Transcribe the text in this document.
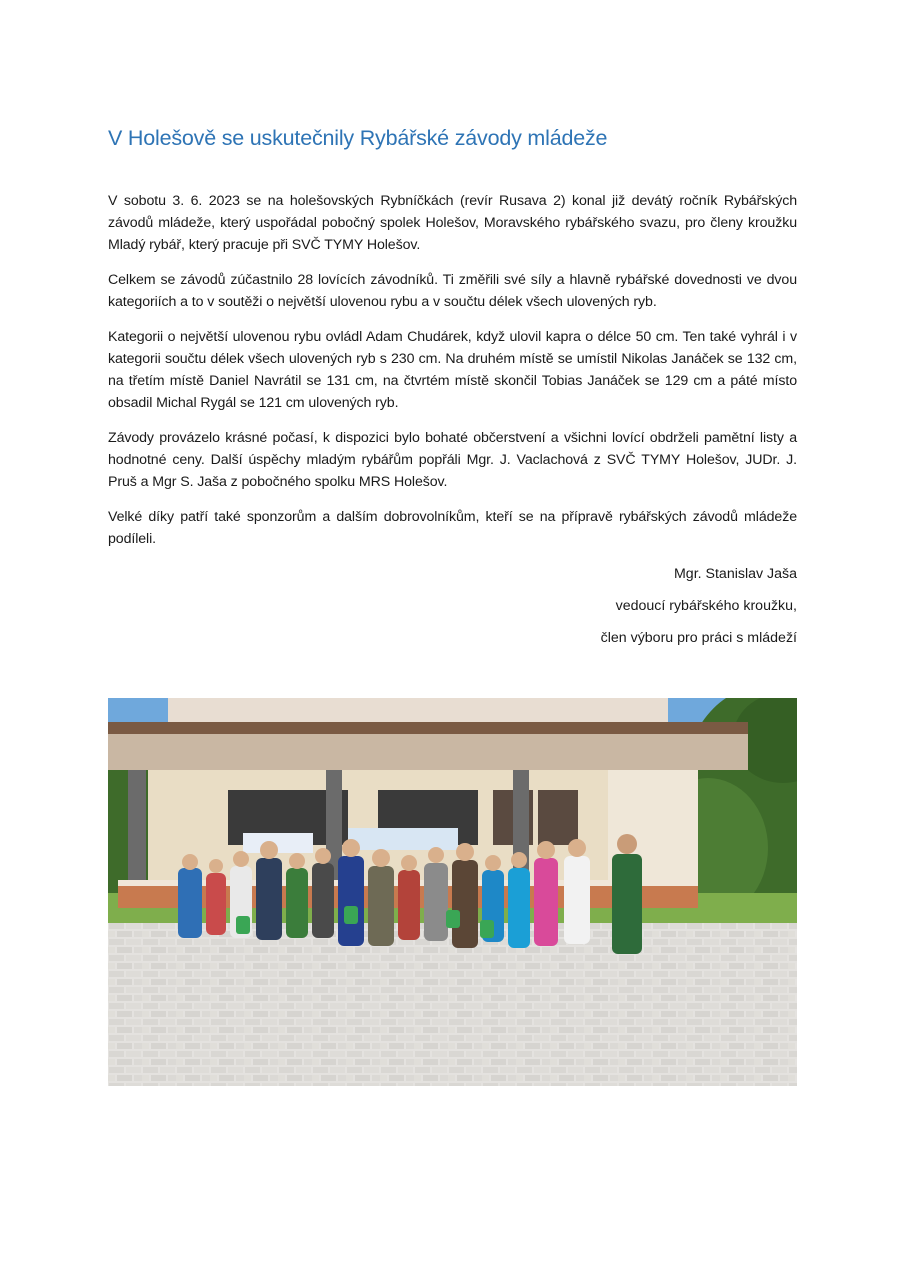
V Holešově se uskutečnily Rybářské závody mládeže

V sobotu 3. 6. 2023 se na holešovských Rybníčkách (revír Rusava 2) konal již devátý ročník Rybářských závodů mládeže, který uspořádal pobočný spolek Holešov, Moravského rybářského svazu, pro členy kroužku Mladý rybář, který pracuje při SVČ TYMY Holešov.

Celkem se závodů zúčastnilo 28 lovících závodníků. Ti změřili své síly a hlavně rybářské dovednosti ve dvou kategoriích a to v soutěži o největší ulovenou rybu a v součtu délek všech ulovených ryb.

Kategorii o největší ulovenou rybu ovládl Adam Chudárek, když ulovil kapra o délce 50 cm. Ten také vyhrál i v kategorii součtu délek všech ulovených ryb s 230 cm. Na druhém místě se umístil Nikolas Janáček se 132 cm, na třetím místě Daniel Navrátil se 131 cm, na čtvrtém místě skončil Tobias Janáček se 129 cm a páté místo obsadil Michal Rygál se 121 cm ulovených ryb.

Závody provázelo krásné počasí, k dispozici bylo bohaté občerstvení a všichni lovící obdrželi pamětní listy a hodnotné ceny. Další úspěchy mladým rybářům popřáli Mgr. J. Vaclachová z SVČ TYMY Holešov, JUDr. J. Pruš a Mgr S. Jaša z pobočného spolku MRS Holešov.

Velké díky patří také sponzorům a dalším dobrovolníkům, kteří se na přípravě rybářských závodů mládeže podíleli.

Mgr. Stanislav Jaša
vedoucí rybářského kroužku,
člen výboru pro práci s mládeží
